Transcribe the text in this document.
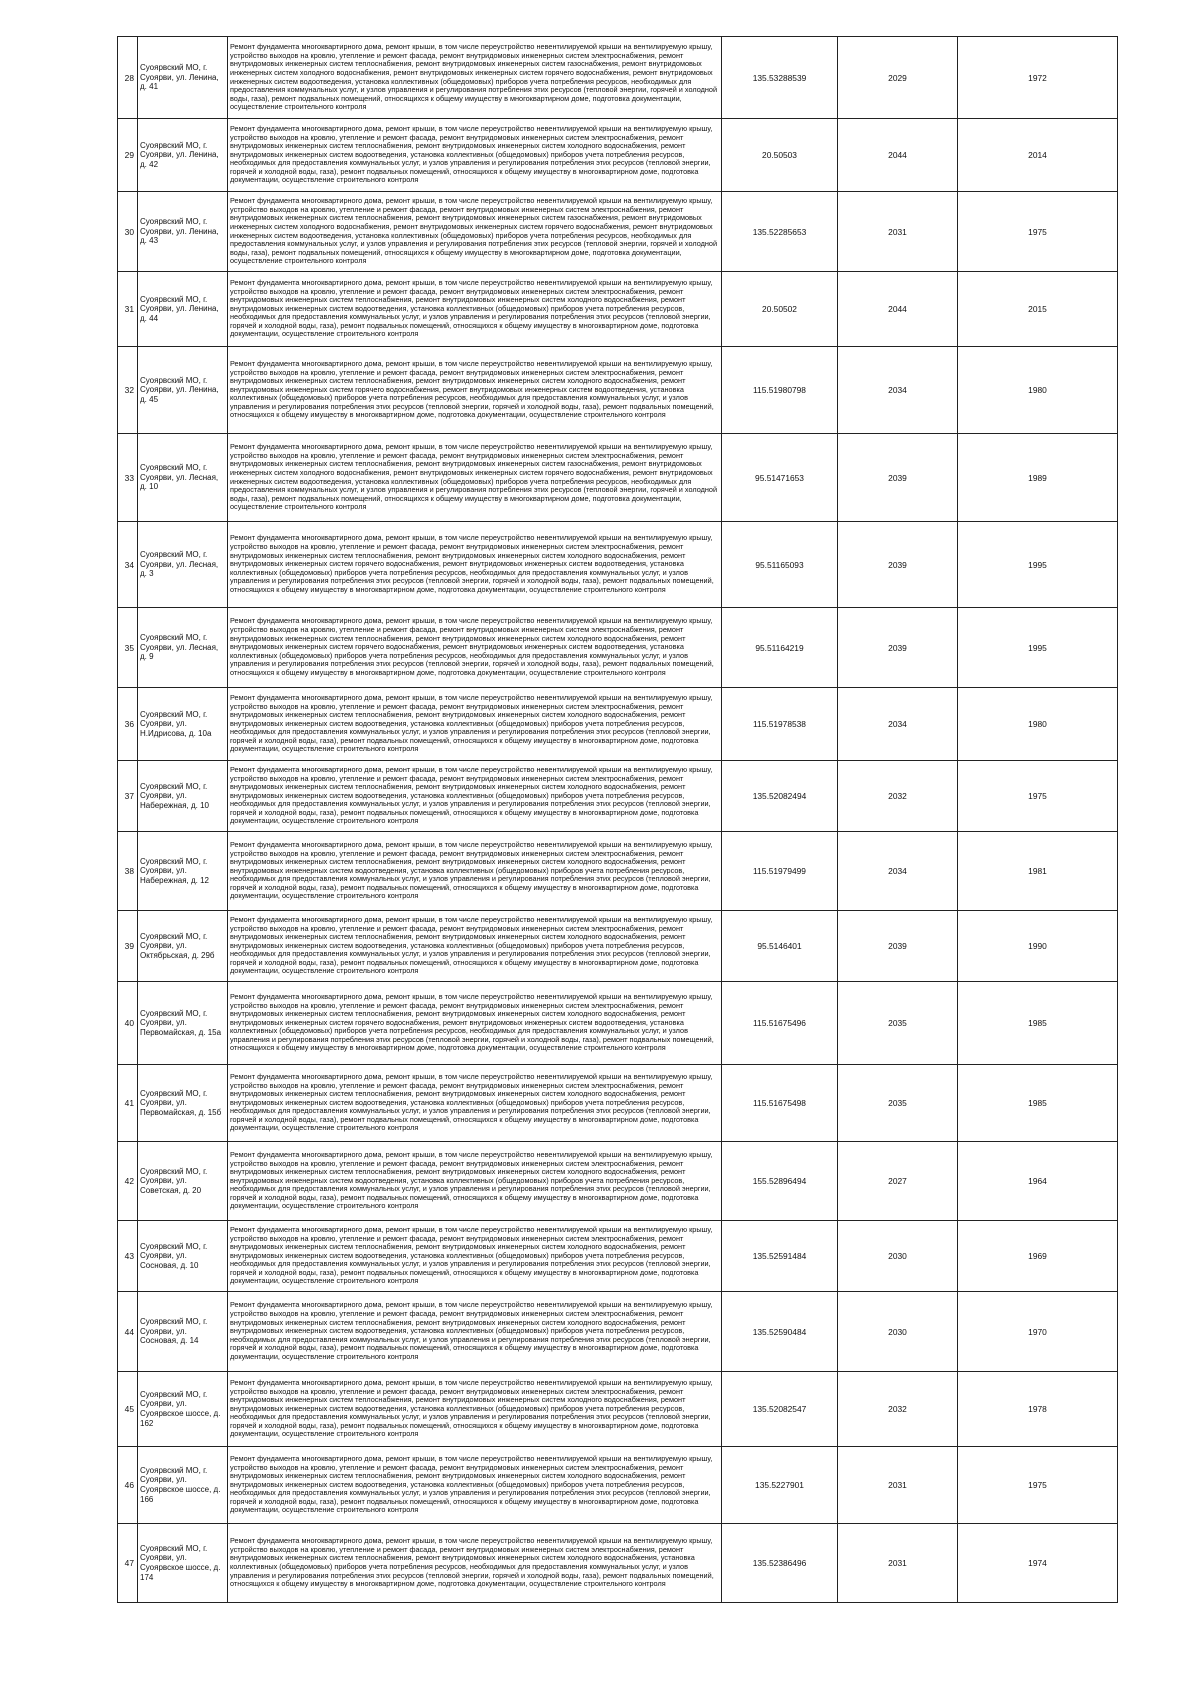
28	Суоярвский МО, г. Суоярви, ул. Ленина, д. 41	Ремонт фундамента многоквартирного дома, ремонт крыши, в том числе переустройство невентилируемой крыши на вентилируемую крышу, устройство выходов на кровлю, утепление и ремонт фасада, ремонт внутридомовых инженерных систем электроснабжения, ремонт внутридомовых инженерных систем теплоснабжения, ремонт внутридомовых инженерных систем газоснабжения, ремонт внутридомовых инженерных систем холодного водоснабжения, ремонт внутридомовых инженерных систем горячего водоснабжения, ремонт внутридомовых инженерных систем водоотведения, установка коллективных (общедомовых) приборов учета потребления ресурсов, необходимых для предоставления коммунальных услуг, и узлов управления и регулирования потребления этих ресурсов (тепловой энергии, горячей и холодной воды, газа), ремонт подвальных помещений, относящихся к общему имуществу в многоквартирном доме, подготовка документации, осуществление строительного контроля	135.53288539	2029	1972
29	Суоярвский МО, г. Суоярви, ул. Ленина, д. 42	Ремонт фундамента многоквартирного дома, ремонт крыши, в том числе переустройство невентилируемой крыши на вентилируемую крышу, устройство выходов на кровлю, утепление и ремонт фасада, ремонт внутридомовых инженерных систем электроснабжения, ремонт внутридомовых инженерных систем теплоснабжения, ремонт внутридомовых инженерных систем холодного водоснабжения, ремонт внутридомовых инженерных систем водоотведения, установка коллективных (общедомовых) приборов учета потребления ресурсов, необходимых для предоставления коммунальных услуг, и узлов управления и регулирования потребления этих ресурсов (тепловой энергии, горячей и холодной воды, газа), ремонт подвальных помещений, относящихся к общему имуществу в многоквартирном доме, подготовка документации, осуществление строительного контроля	20.50503	2044	2014
30	Суоярвский МО, г. Суоярви, ул. Ленина, д. 43	Ремонт фундамента многоквартирного дома, ремонт крыши, в том числе переустройство невентилируемой крыши на вентилируемую крышу, устройство выходов на кровлю, утепление и ремонт фасада, ремонт внутридомовых инженерных систем электроснабжения, ремонт внутридомовых инженерных систем теплоснабжения, ремонт внутридомовых инженерных систем газоснабжения, ремонт внутридомовых инженерных систем холодного водоснабжения, ремонт внутридомовых инженерных систем горячего водоснабжения, ремонт внутридомовых инженерных систем водоотведения, установка коллективных (общедомовых) приборов учета потребления ресурсов, необходимых для предоставления коммунальных услуг, и узлов управления и регулирования потребления этих ресурсов (тепловой энергии, горячей и холодной воды, газа), ремонт подвальных помещений, относящихся к общему имуществу в многоквартирном доме, подготовка документации, осуществление строительного контроля	135.52285653	2031	1975
31	Суоярвский МО, г. Суоярви, ул. Ленина, д. 44	Ремонт фундамента многоквартирного дома, ремонт крыши, в том числе переустройство невентилируемой крыши на вентилируемую крышу, устройство выходов на кровлю, утепление и ремонт фасада, ремонт внутридомовых инженерных систем электроснабжения, ремонт внутридомовых инженерных систем теплоснабжения, ремонт внутридомовых инженерных систем холодного водоснабжения, ремонт внутридомовых инженерных систем водоотведения, установка коллективных (общедомовых) приборов учета потребления ресурсов, необходимых для предоставления коммунальных услуг, и узлов управления и регулирования потребления этих ресурсов (тепловой энергии, горячей и холодной воды, газа), ремонт подвальных помещений, относящихся к общему имуществу в многоквартирном доме, подготовка документации, осуществление строительного контроля	20.50502	2044	2015
32	Суоярвский МО, г. Суоярви, ул. Ленина, д. 45	Ремонт фундамента многоквартирного дома, ремонт крыши, в том числе переустройство невентилируемой крыши на вентилируемую крышу, устройство выходов на кровлю, утепление и ремонт фасада, ремонт внутридомовых инженерных систем электроснабжения, ремонт внутридомовых инженерных систем теплоснабжения, ремонт внутридомовых инженерных систем холодного водоснабжения, ремонт внутридомовых инженерных систем горячего водоснабжения, ремонт внутридомовых инженерных систем водоотведения, установка коллективных (общедомовых) приборов учета потребления ресурсов, необходимых для предоставления коммунальных услуг, и узлов управления и регулирования потребления этих ресурсов (тепловой энергии, горячей и холодной воды, газа), ремонт подвальных помещений, относящихся к общему имуществу в многоквартирном доме, подготовка документации, осуществление строительного контроля	115.51980798	2034	1980
33	Суоярвский МО, г. Суоярви, ул. Лесная, д. 10	Ремонт фундамента многоквартирного дома, ремонт крыши, в том числе переустройство невентилируемой крыши на вентилируемую крышу, устройство выходов на кровлю, утепление и ремонт фасада, ремонт внутридомовых инженерных систем электроснабжения, ремонт внутридомовых инженерных систем теплоснабжения, ремонт внутридомовых инженерных систем газоснабжения, ремонт внутридомовых инженерных систем холодного водоснабжения, ремонт внутридомовых инженерных систем горячего водоснабжения, ремонт внутридомовых инженерных систем водоотведения, установка коллективных (общедомовых) приборов учета потребления ресурсов, необходимых для предоставления коммунальных услуг, и узлов управления и регулирования потребления этих ресурсов (тепловой энергии, горячей и холодной воды, газа), ремонт подвальных помещений, относящихся к общему имуществу в многоквартирном доме, подготовка документации, осуществление строительного контроля	95.51471653	2039	1989
34	Суоярвский МО, г. Суоярви, ул. Лесная, д. 3	Ремонт фундамента многоквартирного дома, ремонт крыши, в том числе переустройство невентилируемой крыши на вентилируемую крышу, устройство выходов на кровлю, утепление и ремонт фасада, ремонт внутридомовых инженерных систем электроснабжения, ремонт внутридомовых инженерных систем теплоснабжения, ремонт внутридомовых инженерных систем холодного водоснабжения, ремонт внутридомовых инженерных систем горячего водоснабжения, ремонт внутридомовых инженерных систем водоотведения, установка коллективных (общедомовых) приборов учета потребления ресурсов, необходимых для предоставления коммунальных услуг, и узлов управления и регулирования потребления этих ресурсов (тепловой энергии, горячей и холодной воды, газа), ремонт подвальных помещений, относящихся к общему имуществу в многоквартирном доме, подготовка документации, осуществление строительного контроля	95.51165093	2039	1995
35	Суоярвский МО, г. Суоярви, ул. Лесная, д. 9	Ремонт фундамента многоквартирного дома, ремонт крыши, в том числе переустройство невентилируемой крыши на вентилируемую крышу, устройство выходов на кровлю, утепление и ремонт фасада, ремонт внутридомовых инженерных систем электроснабжения, ремонт внутридомовых инженерных систем теплоснабжения, ремонт внутридомовых инженерных систем холодного водоснабжения, ремонт внутридомовых инженерных систем горячего водоснабжения, ремонт внутридомовых инженерных систем водоотведения, установка коллективных (общедомовых) приборов учета потребления ресурсов, необходимых для предоставления коммунальных услуг, и узлов управления и регулирования потребления этих ресурсов (тепловой энергии, горячей и холодной воды, газа), ремонт подвальных помещений, относящихся к общему имуществу в многоквартирном доме, подготовка документации, осуществление строительного контроля	95.51164219	2039	1995
36	Суоярвский МО, г. Суоярви, ул. Н.Идрисова, д. 10а	Ремонт фундамента многоквартирного дома, ремонт крыши, в том числе переустройство невентилируемой крыши на вентилируемую крышу, устройство выходов на кровлю, утепление и ремонт фасада, ремонт внутридомовых инженерных систем электроснабжения, ремонт внутридомовых инженерных систем теплоснабжения, ремонт внутридомовых инженерных систем холодного водоснабжения, ремонт внутридомовых инженерных систем водоотведения, установка коллективных (общедомовых) приборов учета потребления ресурсов, необходимых для предоставления коммунальных услуг, и узлов управления и регулирования потребления этих ресурсов (тепловой энергии, горячей и холодной воды, газа), ремонт подвальных помещений, относящихся к общему имуществу в многоквартирном доме, подготовка документации, осуществление строительного контроля	115.51978538	2034	1980
37	Суоярвский МО, г. Суоярви, ул. Набережная, д. 10	Ремонт фундамента многоквартирного дома, ремонт крыши, в том числе переустройство невентилируемой крыши на вентилируемую крышу, устройство выходов на кровлю, утепление и ремонт фасада, ремонт внутридомовых инженерных систем электроснабжения, ремонт внутридомовых инженерных систем теплоснабжения, ремонт внутридомовых инженерных систем холодного водоснабжения, ремонт внутридомовых инженерных систем водоотведения, установка коллективных (общедомовых) приборов учета потребления ресурсов, необходимых для предоставления коммунальных услуг, и узлов управления и регулирования потребления этих ресурсов (тепловой энергии, горячей и холодной воды, газа), ремонт подвальных помещений, относящихся к общему имуществу в многоквартирном доме, подготовка документации, осуществление строительного контроля	135.52082494	2032	1975
38	Суоярвский МО, г. Суоярви, ул. Набережная, д. 12	Ремонт фундамента многоквартирного дома, ремонт крыши, в том числе переустройство невентилируемой крыши на вентилируемую крышу, устройство выходов на кровлю, утепление и ремонт фасада, ремонт внутридомовых инженерных систем электроснабжения, ремонт внутридомовых инженерных систем теплоснабжения, ремонт внутридомовых инженерных систем холодного водоснабжения, ремонт внутридомовых инженерных систем водоотведения, установка коллективных (общедомовых) приборов учета потребления ресурсов, необходимых для предоставления коммунальных услуг, и узлов управления и регулирования потребления этих ресурсов (тепловой энергии, горячей и холодной воды, газа), ремонт подвальных помещений, относящихся к общему имуществу в многоквартирном доме, подготовка документации, осуществление строительного контроля	115.51979499	2034	1981
39	Суоярвский МО, г. Суоярви, ул. Октябрьская, д. 29б	Ремонт фундамента многоквартирного дома, ремонт крыши, в том числе переустройство невентилируемой крыши на вентилируемую крышу, устройство выходов на кровлю, утепление и ремонт фасада, ремонт внутридомовых инженерных систем электроснабжения, ремонт внутридомовых инженерных систем теплоснабжения, ремонт внутридомовых инженерных систем холодного водоснабжения, ремонт внутридомовых инженерных систем водоотведения, установка коллективных (общедомовых) приборов учета потребления ресурсов, необходимых для предоставления коммунальных услуг, и узлов управления и регулирования потребления этих ресурсов (тепловой энергии, горячей и холодной воды, газа), ремонт подвальных помещений, относящихся к общему имуществу в многоквартирном доме, подготовка документации, осуществление строительного контроля	95.5146401	2039	1990
40	Суоярвский МО, г. Суоярви, ул. Первомайская, д. 15а	Ремонт фундамента многоквартирного дома, ремонт крыши, в том числе переустройство невентилируемой крыши на вентилируемую крышу, устройство выходов на кровлю, утепление и ремонт фасада, ремонт внутридомовых инженерных систем электроснабжения, ремонт внутридомовых инженерных систем теплоснабжения, ремонт внутридомовых инженерных систем холодного водоснабжения, ремонт внутридомовых инженерных систем горячего водоснабжения, ремонт внутридомовых инженерных систем водоотведения, установка коллективных (общедомовых) приборов учета потребления ресурсов, необходимых для предоставления коммунальных услуг, и узлов управления и регулирования потребления этих ресурсов (тепловой энергии, горячей и холодной воды, газа), ремонт подвальных помещений, относящихся к общему имуществу в многоквартирном доме, подготовка документации, осуществление строительного контроля	115.51675496	2035	1985
41	Суоярвский МО, г. Суоярви, ул. Первомайская, д. 15б	Ремонт фундамента многоквартирного дома, ремонт крыши, в том числе переустройство невентилируемой крыши на вентилируемую крышу, устройство выходов на кровлю, утепление и ремонт фасада, ремонт внутридомовых инженерных систем электроснабжения, ремонт внутридомовых инженерных систем теплоснабжения, ремонт внутридомовых инженерных систем холодного водоснабжения, ремонт внутридомовых инженерных систем водоотведения, установка коллективных (общедомовых) приборов учета потребления ресурсов, необходимых для предоставления коммунальных услуг, и узлов управления и регулирования потребления этих ресурсов (тепловой энергии, горячей и холодной воды, газа), ремонт подвальных помещений, относящихся к общему имуществу в многоквартирном доме, подготовка документации, осуществление строительного контроля	115.51675498	2035	1985
42	Суоярвский МО, г. Суоярви, ул. Советская, д. 20	Ремонт фундамента многоквартирного дома, ремонт крыши, в том числе переустройство невентилируемой крыши на вентилируемую крышу, устройство выходов на кровлю, утепление и ремонт фасада, ремонт внутридомовых инженерных систем электроснабжения, ремонт внутридомовых инженерных систем теплоснабжения, ремонт внутридомовых инженерных систем холодного водоснабжения, ремонт внутридомовых инженерных систем водоотведения, установка коллективных (общедомовых) приборов учета потребления ресурсов, необходимых для предоставления коммунальных услуг, и узлов управления и регулирования потребления этих ресурсов (тепловой энергии, горячей и холодной воды, газа), ремонт подвальных помещений, относящихся к общему имуществу в многоквартирном доме, подготовка документации, осуществление строительного контроля	155.52896494	2027	1964
43	Суоярвский МО, г. Суоярви, ул. Сосновая, д. 10	Ремонт фундамента многоквартирного дома, ремонт крыши, в том числе переустройство невентилируемой крыши на вентилируемую крышу, устройство выходов на кровлю, утепление и ремонт фасада, ремонт внутридомовых инженерных систем электроснабжения, ремонт внутридомовых инженерных систем теплоснабжения, ремонт внутридомовых инженерных систем холодного водоснабжения, ремонт внутридомовых инженерных систем водоотведения, установка коллективных (общедомовых) приборов учета потребления ресурсов, необходимых для предоставления коммунальных услуг, и узлов управления и регулирования потребления этих ресурсов (тепловой энергии, горячей и холодной воды, газа), ремонт подвальных помещений, относящихся к общему имуществу в многоквартирном доме, подготовка документации, осуществление строительного контроля	135.52591484	2030	1969
44	Суоярвский МО, г. Суоярви, ул. Сосновая, д. 14	Ремонт фундамента многоквартирного дома, ремонт крыши, в том числе переустройство невентилируемой крыши на вентилируемую крышу, устройство выходов на кровлю, утепление и ремонт фасада, ремонт внутридомовых инженерных систем электроснабжения, ремонт внутридомовых инженерных систем теплоснабжения, ремонт внутридомовых инженерных систем холодного водоснабжения, ремонт внутридомовых инженерных систем водоотведения, установка коллективных (общедомовых) приборов учета потребления ресурсов, необходимых для предоставления коммунальных услуг, и узлов управления и регулирования потребления этих ресурсов (тепловой энергии, горячей и холодной воды, газа), ремонт подвальных помещений, относящихся к общему имуществу в многоквартирном доме, подготовка документации, осуществление строительного контроля	135.52590484	2030	1970
45	Суоярвский МО, г. Суоярви, ул. Суоярвское шоссе, д. 162	Ремонт фундамента многоквартирного дома, ремонт крыши, в том числе переустройство невентилируемой крыши на вентилируемую крышу, устройство выходов на кровлю, утепление и ремонт фасада, ремонт внутридомовых инженерных систем электроснабжения, ремонт внутридомовых инженерных систем теплоснабжения, ремонт внутридомовых инженерных систем холодного водоснабжения, ремонт внутридомовых инженерных систем водоотведения, установка коллективных (общедомовых) приборов учета потребления ресурсов, необходимых для предоставления коммунальных услуг, и узлов управления и регулирования потребления этих ресурсов (тепловой энергии, горячей и холодной воды, газа), ремонт подвальных помещений, относящихся к общему имуществу в многоквартирном доме, подготовка документации, осуществление строительного контроля	135.52082547	2032	1978
46	Суоярвский МО, г. Суоярви, ул. Суоярвское шоссе, д. 166	Ремонт фундамента многоквартирного дома, ремонт крыши, в том числе переустройство невентилируемой крыши на вентилируемую крышу, устройство выходов на кровлю, утепление и ремонт фасада, ремонт внутридомовых инженерных систем электроснабжения, ремонт внутридомовых инженерных систем теплоснабжения, ремонт внутридомовых инженерных систем холодного водоснабжения, ремонт внутридомовых инженерных систем водоотведения, установка коллективных (общедомовых) приборов учета потребления ресурсов, необходимых для предоставления коммунальных услуг, и узлов управления и регулирования потребления этих ресурсов (тепловой энергии, горячей и холодной воды, газа), ремонт подвальных помещений, относящихся к общему имуществу в многоквартирном доме, подготовка документации, осуществление строительного контроля	135.5227901	2031	1975
47	Суоярвский МО, г. Суоярви, ул. Суоярвское шоссе, д. 174	Ремонт фундамента многоквартирного дома, ремонт крыши, в том числе переустройство невентилируемой крыши на вентилируемую крышу, устройство выходов на кровлю, утепление и ремонт фасада, ремонт внутридомовых инженерных систем электроснабжения, ремонт внутридомовых инженерных систем теплоснабжения, ремонт внутридомовых инженерных систем холодного водоснабжения, установка коллективных (общедомовых) приборов учета потребления ресурсов, необходимых для предоставления коммунальных услуг, и узлов управления и регулирования потребления этих ресурсов (тепловой энергии, горячей и холодной воды, газа), ремонт подвальных помещений, относящихся к общему имуществу в многоквартирном доме, подготовка документации, осуществление строительного контроля	135.52386496	2031	1974
